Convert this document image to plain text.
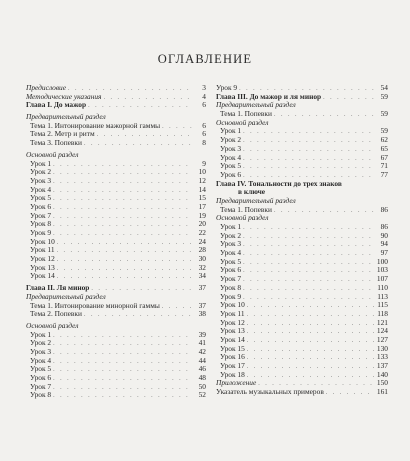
ОГЛАВЛЕНИЕ
Предисловие . . .	3
Методические указания . . .	4
Глава I. До мажор . . .	6
Предварительный раздел
Тема 1. Интонирование мажорной гаммы . . .	6
Тема 2. Метр и ритм . . .	6
Тема 3. Попевки . . .	8
Основной раздел
Урок 1 . . .	9
Урок 2 . . .	10
Урок 3 . . .	12
Урок 4 . . .	14
Урок 5 . . .	15
Урок 6 . . .	17
Урок 7 . . .	19
Урок 8 . . .	20
Урок 9 . . .	22
Урок 10 . . .	24
Урок 11 . . .	28
Урок 12 . . .	30
Урок 13 . . .	32
Урок 14 . . .	34
Глава II. Ля минор . . .	37
Предварительный раздел
Тема 1. Интонирование минорной гаммы . . .	37
Тема 2. Попевки . . .	38
Основной раздел
Урок 1 . . .	39
Урок 2 . . .	41
Урок 3 . . .	42
Урок 4 . . .	44
Урок 5 . . .	46
Урок 6 . . .	48
Урок 7 . . .	50
Урок 8 . . .	52
Урок 9 . . .	54
Глава III. До мажор и ля минор . . .	59
Предварительный раздел
Тема 1. Попевки . . .	59
Основной раздел
Урок 1 . . .	59
Урок 2 . . .	62
Урок 3 . . .	65
Урок 4 . . .	67
Урок 5 . . .	71
Урок 6 . . .	77
Глава IV. Тональности до трех знаков
в ключе
Предварительный раздел
Тема 1. Попевки . . .	86
Основной раздел
Урок 1 . . .	86
Урок 2 . . .	90
Урок 3 . . .	94
Урок 4 . . .	97
Урок 5 . . .	100
Урок 6 . . .	103
Урок 7 . . .	107
Урок 8 . . .	110
Урок 9 . . .	113
Урок 10 . . .	115
Урок 11 . . .	118
Урок 12 . . .	121
Урок 13 . . .	124
Урок 14 . . .	127
Урок 15 . . .	130
Урок 16 . . .	133
Урок 17 . . .	137
Урок 18 . . .	140
Приложение . . .	150
Указатель музыкальных примеров . . .	161
